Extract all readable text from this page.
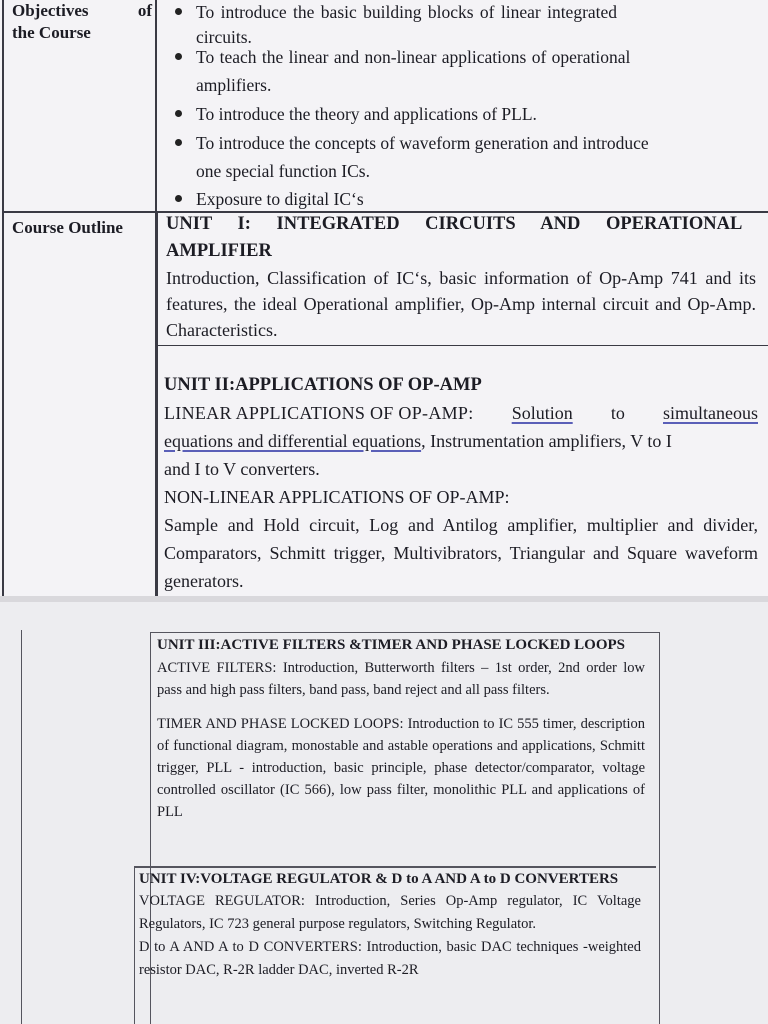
Objectives	of
the Course
Course Outline
To introduce the basic building blocks of linear integrated
circuits.
To teach the linear and non-linear applications of operational
amplifiers.
To introduce the theory and applications of PLL.
To introduce the concepts of waveform generation and introduce
one special function ICs.
Exposure to digital IC‘s
UNIT I: INTEGRATED CIRCUITS AND OPERATIONAL
AMPLIFIER
Introduction, Classification of IC‘s, basic information of Op-Amp 741 and its features, the ideal Operational amplifier, Op-Amp internal circuit and Op-Amp. Characteristics.
UNIT II:APPLICATIONS OF OP-AMP
LINEAR APPLICATIONS OF OP-AMP: Solution to simultaneous
equations and differential equations, Instrumentation amplifiers, V to I
and I to V converters.
NON-LINEAR APPLICATIONS OF OP-AMP:
Sample and Hold circuit, Log and Antilog amplifier, multiplier and divider, Comparators, Schmitt trigger, Multivibrators, Triangular and Square waveform generators.
UNIT III:ACTIVE FILTERS &TIMER AND PHASE LOCKED LOOPS
ACTIVE FILTERS: Introduction, Butterworth filters – 1st order, 2nd order low pass and high pass filters, band pass, band reject and all pass filters.
TIMER AND PHASE LOCKED LOOPS: Introduction to IC 555 timer, description of functional diagram, monostable and astable operations and applications, Schmitt trigger, PLL - introduction, basic principle, phase detector/comparator, voltage controlled oscillator (IC 566), low pass filter, monolithic PLL and applications of PLL
UNIT IV:VOLTAGE REGULATOR & D to A AND A to D CONVERTERS
VOLTAGE REGULATOR: Introduction, Series Op-Amp regulator, IC Voltage Regulators, IC 723 general purpose regulators, Switching Regulator.
D to A AND A to D CONVERTERS: Introduction, basic DAC techniques -weighted resistor DAC, R-2R ladder DAC, inverted R-2R
